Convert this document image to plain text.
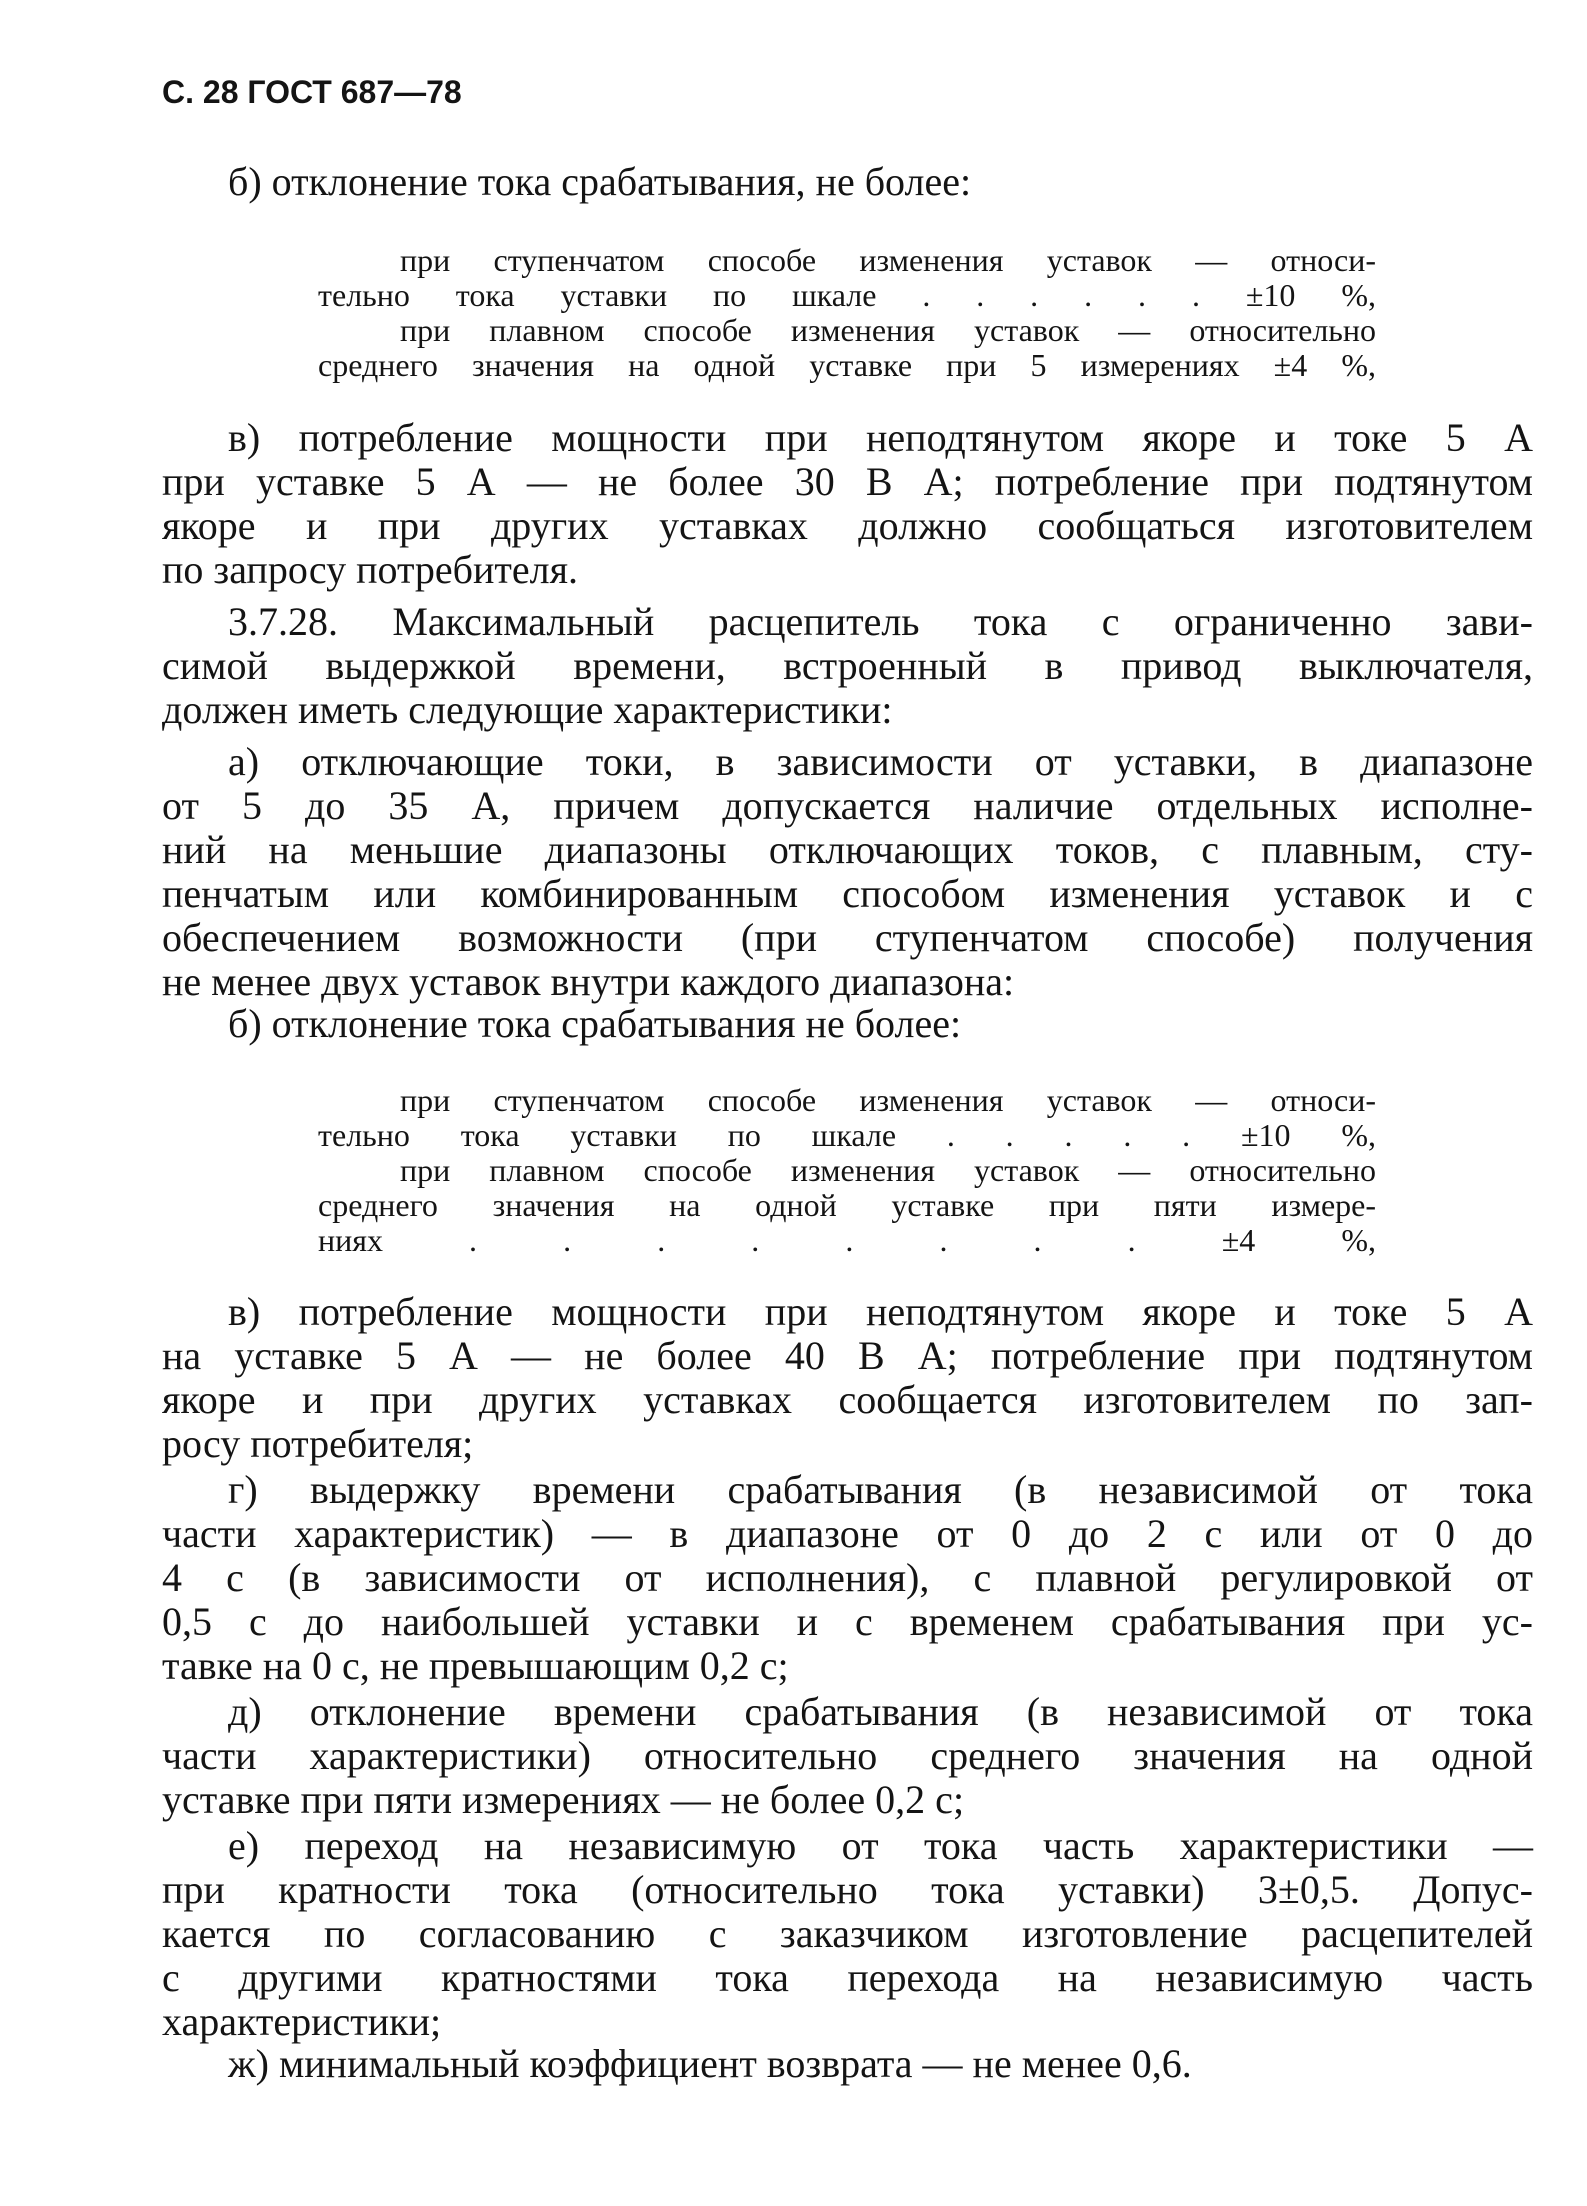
С. 28 ГОСТ 687—78
б) отклонение тока срабатывания, не более:
при ступенчатом способе изменения уставок — относи-
тельно тока уставки по шкале . . . . . . ±10 %,
при плавном способе изменения уставок — относительно
среднего значения на одной уставке при 5 измерениях ±4 %,
в) потребление мощности при неподтянутом якоре и токе 5 А
при уставке 5 А — не более 30 В А; потребление при подтянутом
якоре и при других уставках должно сообщаться изготовителем
по запросу потребителя.
3.7.28. Максимальный расцепитель тока с ограниченно зави-
симой выдержкой времени, встроенный в привод выключателя,
должен иметь следующие характеристики:
а) отключающие токи, в зависимости от уставки, в диапазоне
от 5 до 35 А, причем допускается наличие отдельных исполне-
ний на меньшие диапазоны отключающих токов, с плавным, сту-
пенчатым или комбинированным способом изменения уставок и с
обеспечением возможности (при ступенчатом способе) получения
не менее двух уставок внутри каждого диапазона:
б) отклонение тока срабатывания не более:
при ступенчатом способе изменения уставок — относи-
тельно тока уставки по шкале . . . . . ±10 %,
при плавном способе изменения уставок — относительно
среднего значения на одной уставке при пяти измере-
ниях . . . . . . . . ±4 %,
в) потребление мощности при неподтянутом якоре и токе 5 А
на уставке 5 А — не более 40 В А; потребление при подтянутом
якоре и при других уставках сообщается изготовителем по зап-
росу потребителя;
г) выдержку времени срабатывания (в независимой от тока
части характеристик) — в диапазоне от 0 до 2 с или от 0 до
4 с (в зависимости от исполнения), с плавной регулировкой от
0,5 с до наибольшей уставки и с временем срабатывания при ус-
тавке на 0 с, не превышающим 0,2 с;
д) отклонение времени срабатывания (в независимой от тока
части характеристики) относительно среднего значения на одной
уставке при пяти измерениях — не более 0,2 с;
е) переход на независимую от тока часть характеристики —
при кратности тока (относительно тока уставки) 3±0,5. Допус-
кается по согласованию с заказчиком изготовление расцепителей
с другими кратностями тока перехода на независимую часть
характеристики;
ж) минимальный коэффициент возврата — не менее 0,6.
